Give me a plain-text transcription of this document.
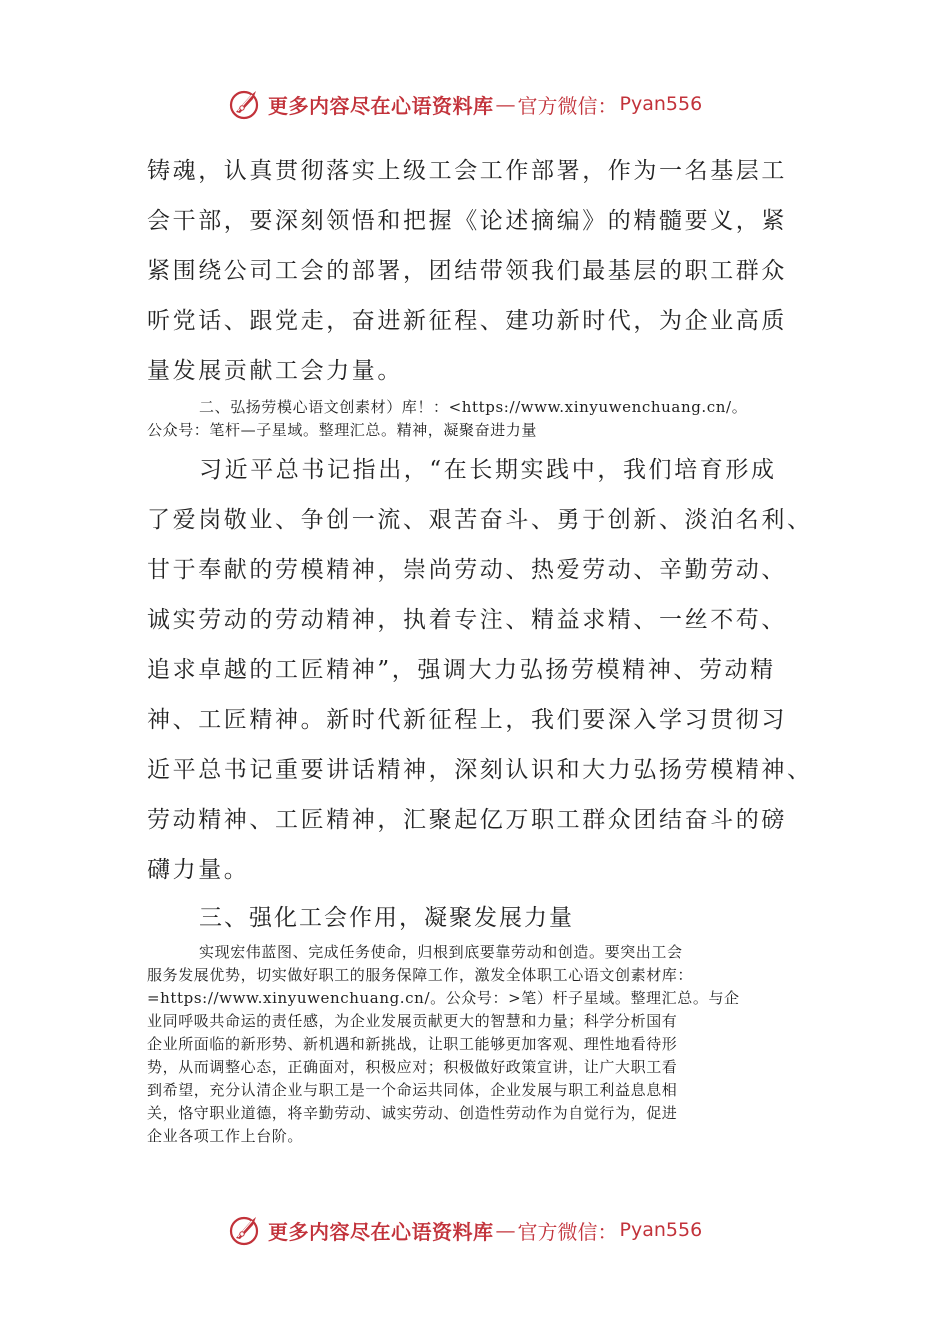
更多内容尽在心语资料库 — 官方微信： Pyan556
铸魂，认真贯彻落实上级工会工作部署，作为一名基层工
会干部，要深刻领悟和把握《论述摘编》的精髓要义，紧
紧围绕公司工会的部署，团结带领我们最基层的职工群众
听党话、跟党走，奋进新征程、建功新时代，为企业高质
量发展贡献工会力量。
二、弘扬劳模心语文创素材）库！：<https://www.xinyuwenchuang.cn/。
公众号：笔杆—子星域。整理汇总。精神，凝聚奋进力量
习近平总书记指出，“在长期实践中，我们培育形成
了爱岗敬业、争创一流、艰苦奋斗、勇于创新、淡泊名利、
甘于奉献的劳模精神，崇尚劳动、热爱劳动、辛勤劳动、
诚实劳动的劳动精神，执着专注、精益求精、一丝不苟、
追求卓越的工匠精神”，强调大力弘扬劳模精神、劳动精
神、工匠精神。新时代新征程上，我们要深入学习贯彻习
近平总书记重要讲话精神，深刻认识和大力弘扬劳模精神、
劳动精神、工匠精神，汇聚起亿万职工群众团结奋斗的磅
礴力量。
三、强化工会作用，凝聚发展力量
实现宏伟蓝图、完成任务使命，归根到底要靠劳动和创造。要突出工会
服务发展优势，切实做好职工的服务保障工作，激发全体职工心语文创素材库：
=https://www.xinyuwenchuang.cn/。公众号：>笔）杆子星域。整理汇总。与企
业同呼吸共命运的责任感，为企业发展贡献更大的智慧和力量；科学分析国有
企业所面临的新形势、新机遇和新挑战，让职工能够更加客观、理性地看待形
势，从而调整心态，正确面对，积极应对；积极做好政策宣讲，让广大职工看
到希望，充分认清企业与职工是一个命运共同体，企业发展与职工利益息息相
关，恪守职业道德，将辛勤劳动、诚实劳动、创造性劳动作为自觉行为，促进
企业各项工作上台阶。
更多内容尽在心语资料库 — 官方微信： Pyan556
